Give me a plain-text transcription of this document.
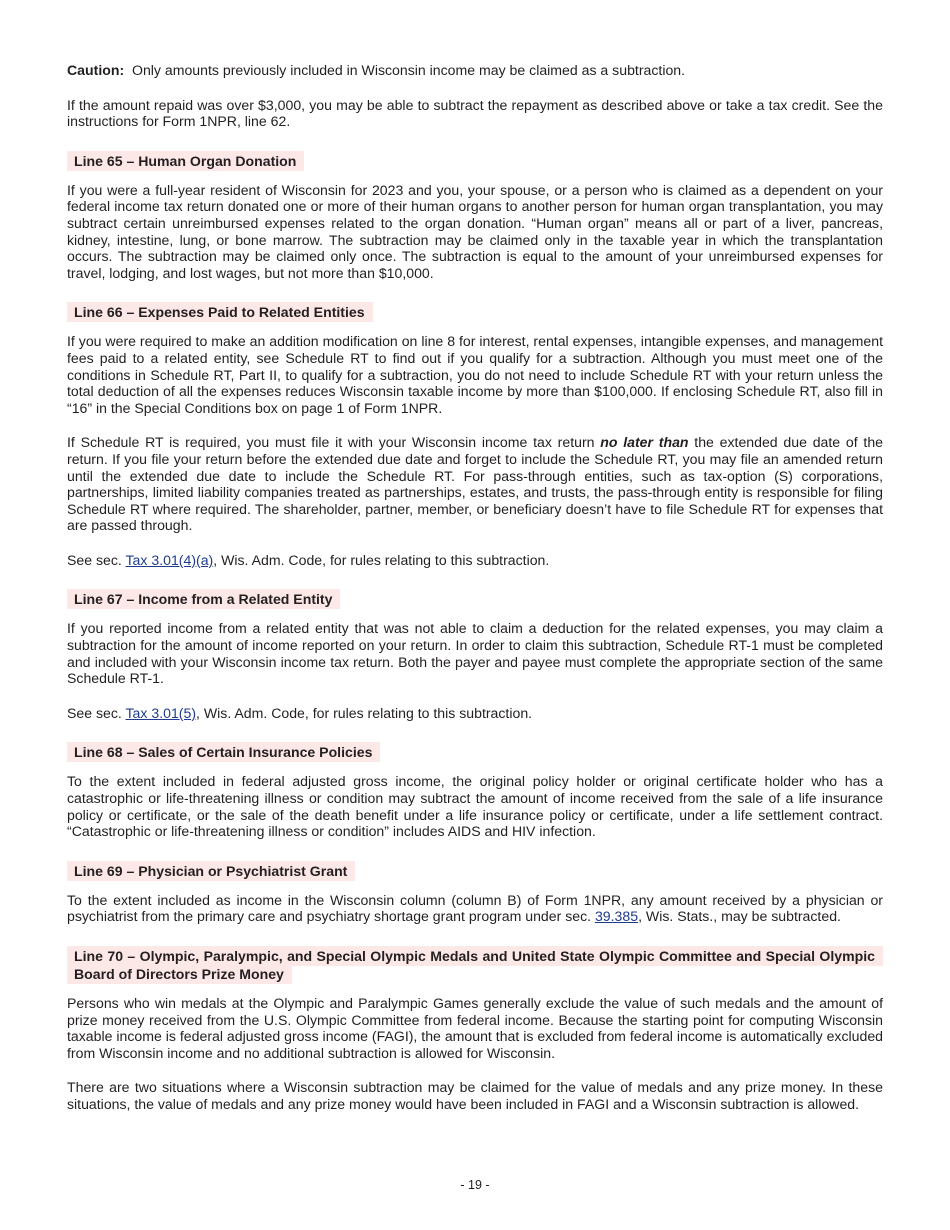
Caution: Only amounts previously included in Wisconsin income may be claimed as a subtraction.

If the amount repaid was over $3,000, you may be able to subtract the repayment as described above or take a tax credit. See the instructions for Form 1NPR, line 62.

Line 65 – Human Organ Donation

If you were a full-year resident of Wisconsin for 2023 and you, your spouse, or a person who is claimed as a dependent on your federal income tax return donated one or more of their human organs to another person for human organ transplantation, you may subtract certain unreimbursed expenses related to the organ donation. “Human organ” means all or part of a liver, pancreas, kidney, intestine, lung, or bone marrow. The subtraction may be claimed only in the taxable year in which the transplantation occurs. The subtraction may be claimed only once. The subtraction is equal to the amount of your unreimbursed expenses for travel, lodging, and lost wages, but not more than $10,000.

Line 66 – Expenses Paid to Related Entities

If you were required to make an addition modification on line 8 for interest, rental expenses, intangible expenses, and management fees paid to a related entity, see Schedule RT to find out if you qualify for a subtraction. Although you must meet one of the conditions in Schedule RT, Part II, to qualify for a subtraction, you do not need to include Schedule RT with your return unless the total deduction of all the expenses reduces Wisconsin taxable income by more than $100,000. If enclosing Schedule RT, also fill in “16” in the Special Conditions box on page 1 of Form 1NPR.

If Schedule RT is required, you must file it with your Wisconsin income tax return no later than the extended due date of the return. If you file your return before the extended due date and forget to include the Schedule RT, you may file an amended return until the extended due date to include the Schedule RT. For pass-through entities, such as tax-option (S) corporations, partnerships, limited liability companies treated as partnerships, estates, and trusts, the pass-through entity is responsible for filing Schedule RT where required. The shareholder, partner, member, or beneficiary doesn’t have to file Schedule RT for expenses that are passed through.

See sec. Tax 3.01(4)(a), Wis. Adm. Code, for rules relating to this subtraction.

Line 67 – Income from a Related Entity

If you reported income from a related entity that was not able to claim a deduction for the related expenses, you may claim a subtraction for the amount of income reported on your return. In order to claim this subtraction, Schedule RT-1 must be completed and included with your Wisconsin income tax return. Both the payer and payee must complete the appropriate section of the same Schedule RT-1.

See sec. Tax 3.01(5), Wis. Adm. Code, for rules relating to this subtraction.

Line 68 – Sales of Certain Insurance Policies

To the extent included in federal adjusted gross income, the original policy holder or original certificate holder who has a catastrophic or life-threatening illness or condition may subtract the amount of income received from the sale of a life insurance policy or certificate, or the sale of the death benefit under a life insurance policy or certificate, under a life settlement contract. “Catastrophic or life-threatening illness or condition” includes AIDS and HIV infection.

Line 69 – Physician or Psychiatrist Grant

To the extent included as income in the Wisconsin column (column B) of Form 1NPR, any amount received by a physician or psychiatrist from the primary care and psychiatry shortage grant program under sec. 39.385, Wis. Stats., may be subtracted.

Line 70 – Olympic, Paralympic, and Special Olympic Medals and United State Olympic Committee and Special Olympic Board of Directors Prize Money

Persons who win medals at the Olympic and Paralympic Games generally exclude the value of such medals and the amount of prize money received from the U.S. Olympic Committee from federal income. Because the starting point for computing Wisconsin taxable income is federal adjusted gross income (FAGI), the amount that is excluded from federal income is automatically excluded from Wisconsin income and no additional subtraction is allowed for Wisconsin.

There are two situations where a Wisconsin subtraction may be claimed for the value of medals and any prize money. In these situations, the value of medals and any prize money would have been included in FAGI and a Wisconsin subtraction is allowed.

- 19 -
